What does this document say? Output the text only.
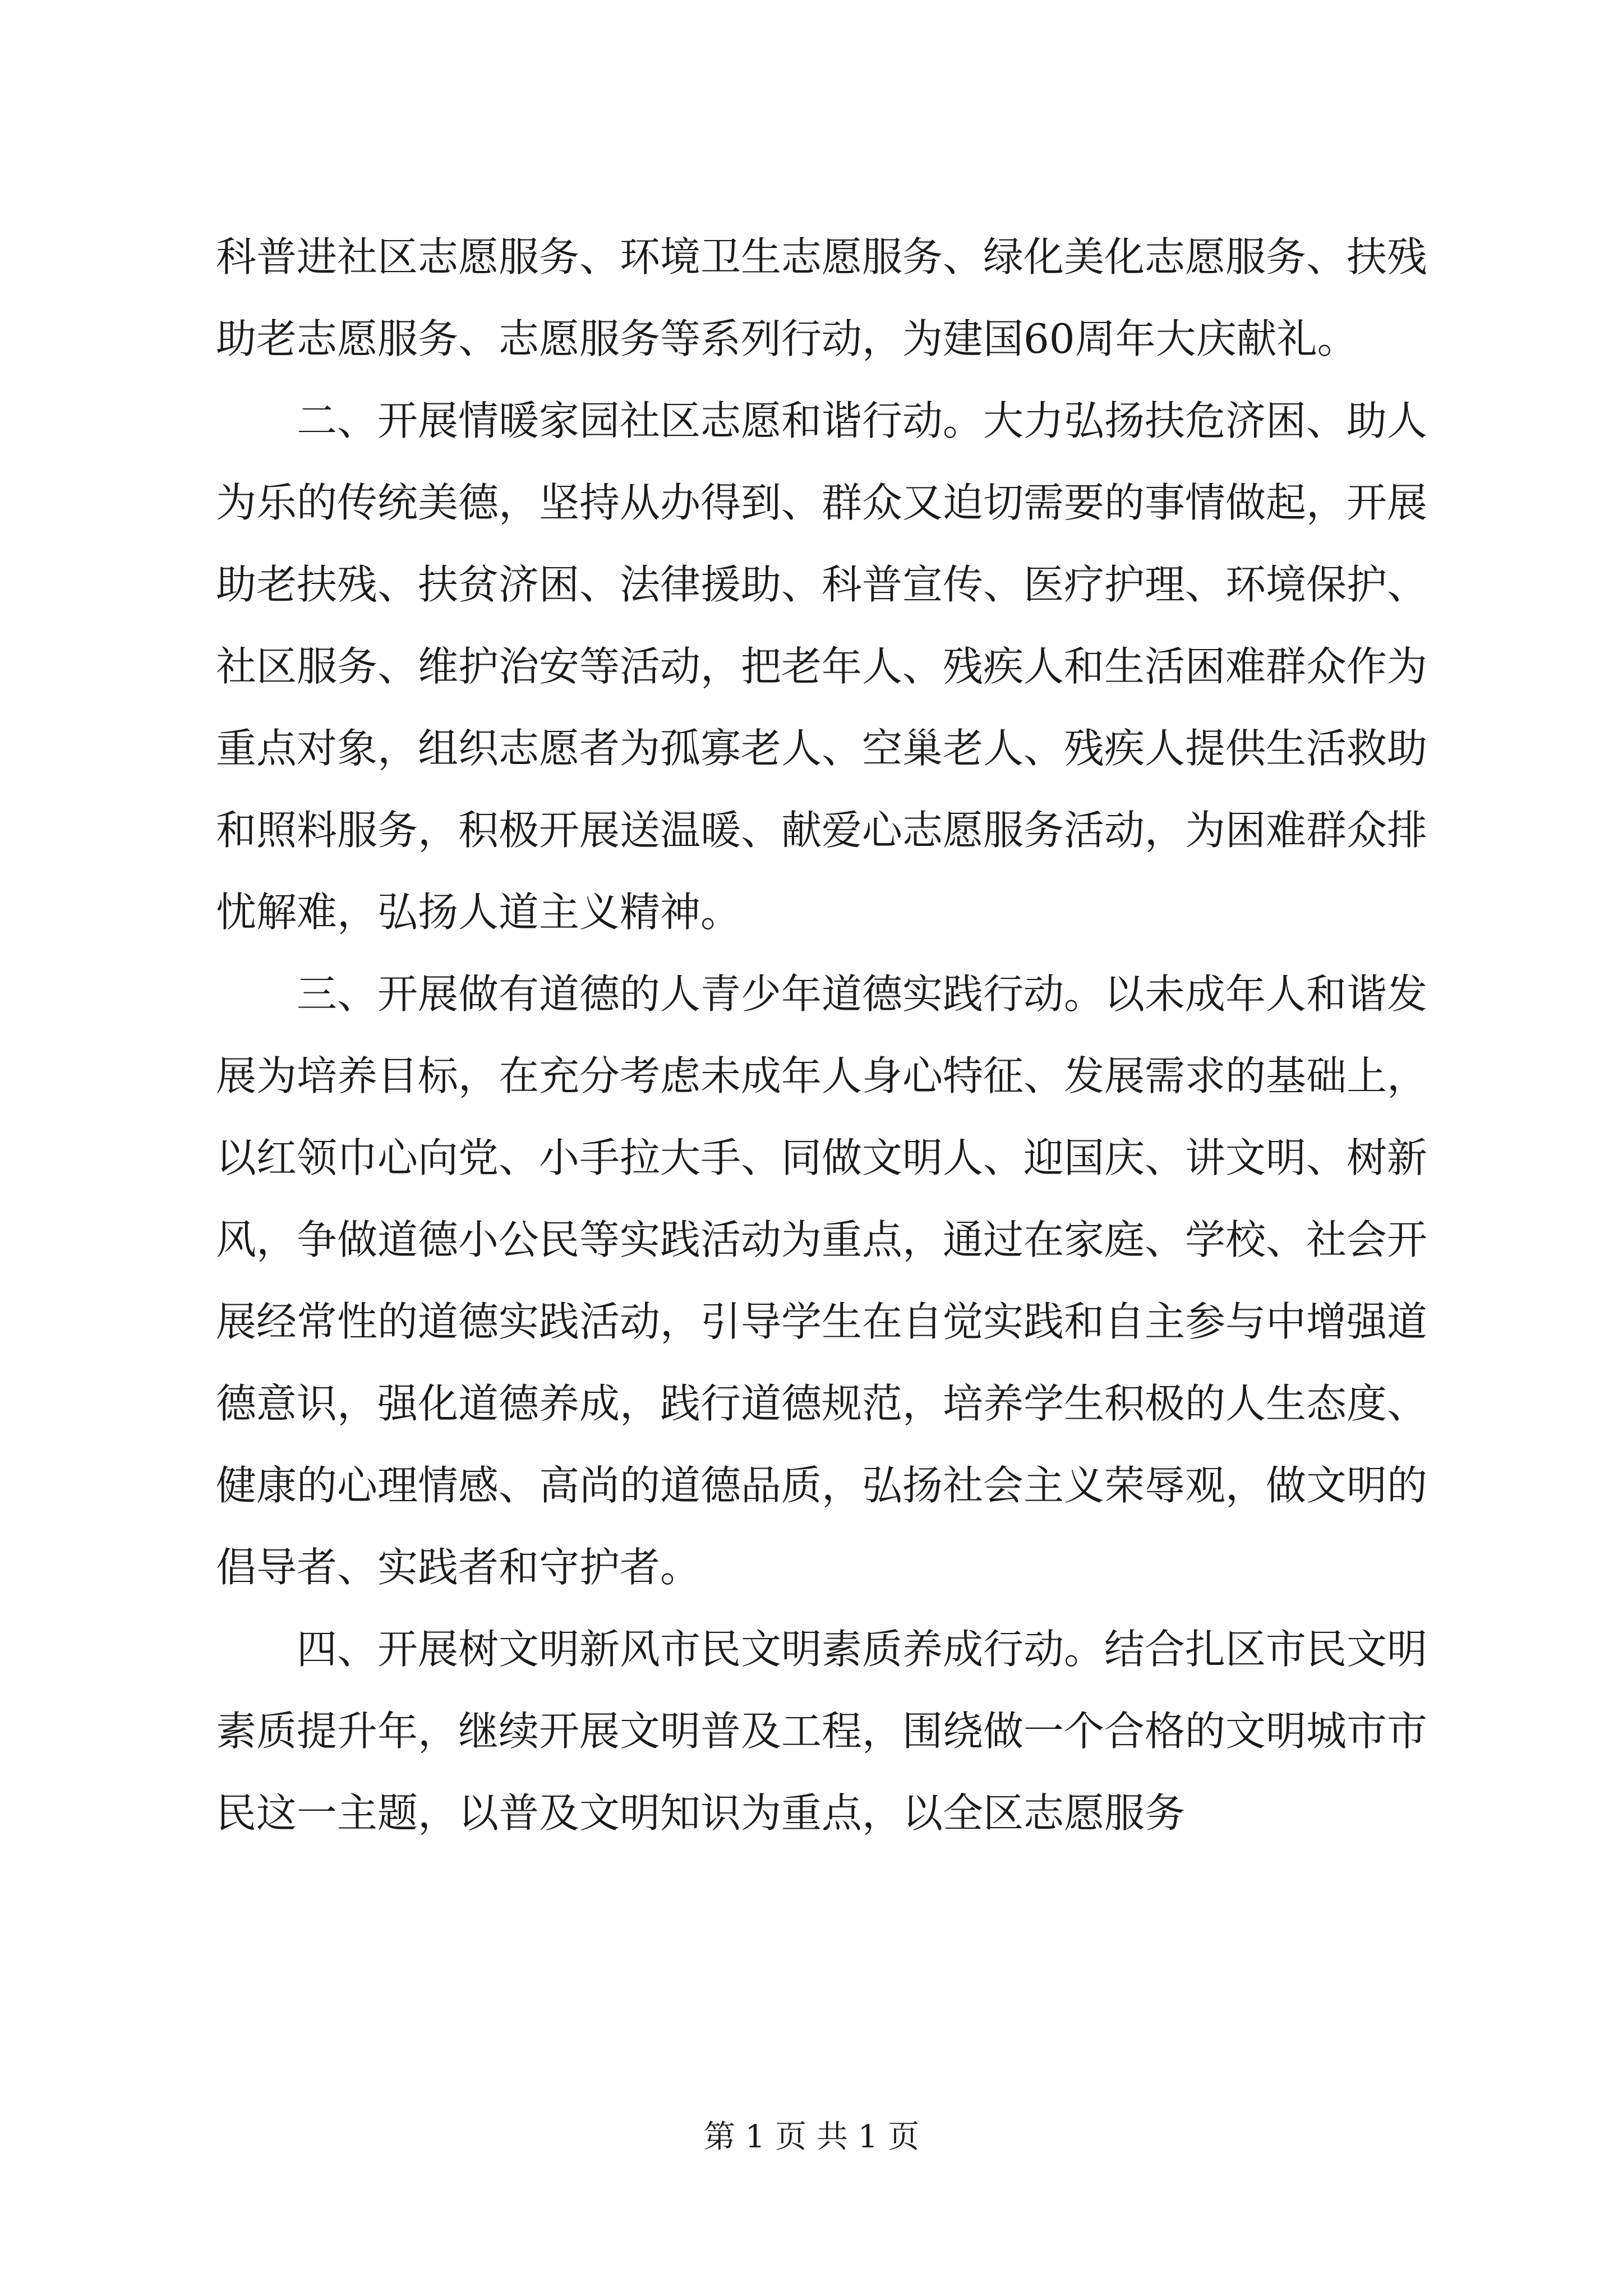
科普进社区志愿服务、环境卫生志愿服务、绿化美化志愿服务、扶残助老志愿服务、志愿服务等系列行动，为建国60周年大庆献礼。

二、开展情暖家园社区志愿和谐行动。大力弘扬扶危济困、助人为乐的传统美德，坚持从办得到、群众又迫切需要的事情做起，开展助老扶残、扶贫济困、法律援助、科普宣传、医疗护理、环境保护、社区服务、维护治安等活动，把老年人、残疾人和生活困难群众作为重点对象，组织志愿者为孤寡老人、空巢老人、残疾人提供生活救助和照料服务，积极开展送温暖、献爱心志愿服务活动，为困难群众排忧解难，弘扬人道主义精神。

三、开展做有道德的人青少年道德实践行动。以未成年人和谐发展为培养目标，在充分考虑未成年人身心特征、发展需求的基础上，以红领巾心向党、小手拉大手、同做文明人、迎国庆、讲文明、树新风，争做道德小公民等实践活动为重点，通过在家庭、学校、社会开展经常性的道德实践活动，引导学生在自觉实践和自主参与中增强道德意识，强化道德养成，践行道德规范，培养学生积极的人生态度、健康的心理情感、高尚的道德品质，弘扬社会主义荣辱观，做文明的倡导者、实践者和守护者。

四、开展树文明新风市民文明素质养成行动。结合扎区市民文明素质提升年，继续开展文明普及工程，围绕做一个合格的文明城市市民这一主题，以普及文明知识为重点，以全区志愿服务

第 1 页 共 1 页
